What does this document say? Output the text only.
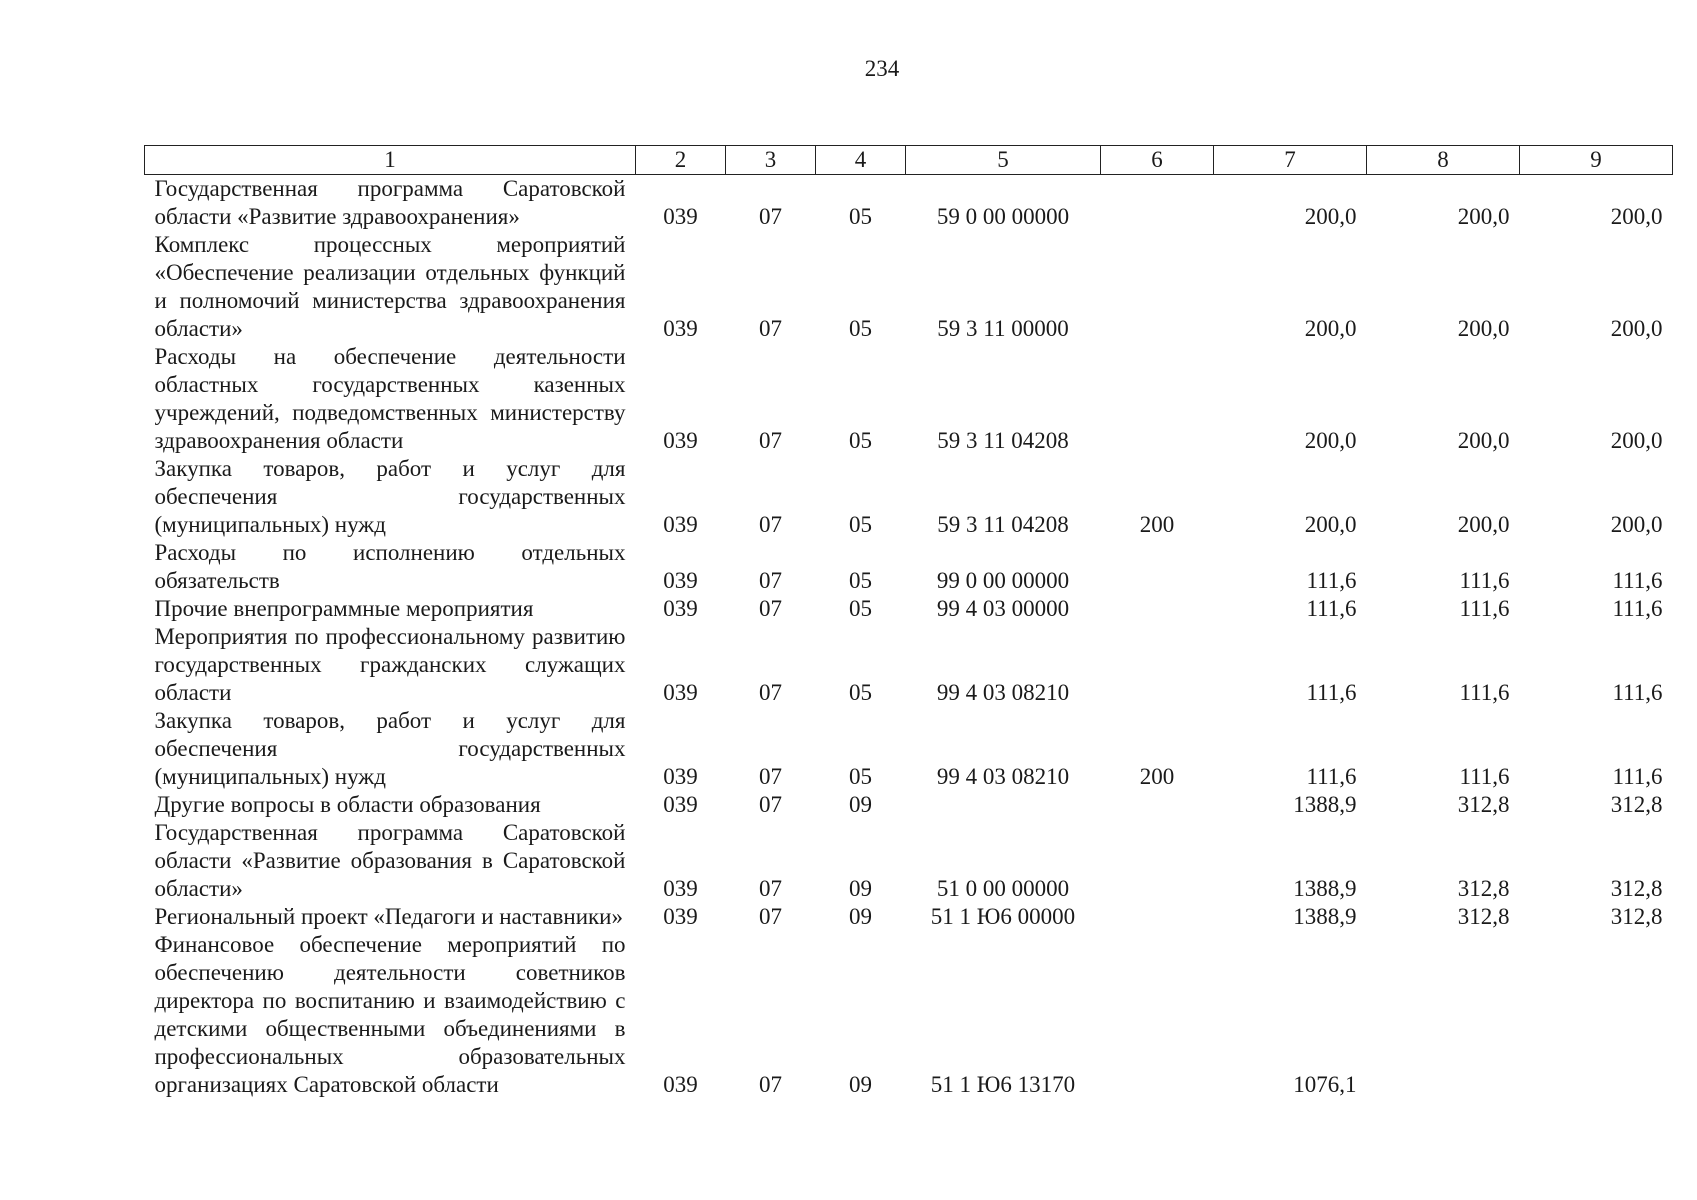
234
1	2	3	4	5	6	7	8	9
Государственная программа Саратовской области «Развитие здравоохранения»	039	07	05	59 0 00 00000		200,0	200,0	200,0
Комплекс процессных мероприятий «Обеспечение реализации отдельных функций и полномочий министерства здравоохранения области»	039	07	05	59 3 11 00000		200,0	200,0	200,0
Расходы на обеспечение деятельности областных государственных казенных учреждений, подведомственных министерству здравоохранения области	039	07	05	59 3 11 04208		200,0	200,0	200,0
Закупка товаров, работ и услуг для обеспечения государственных (муниципальных) нужд	039	07	05	59 3 11 04208	200	200,0	200,0	200,0
Расходы по исполнению отдельных обязательств	039	07	05	99 0 00 00000		111,6	111,6	111,6
Прочие внепрограммные мероприятия	039	07	05	99 4 03 00000		111,6	111,6	111,6
Мероприятия по профессиональному развитию государственных гражданских служащих области	039	07	05	99 4 03 08210		111,6	111,6	111,6
Закупка товаров, работ и услуг для обеспечения государственных (муниципальных) нужд	039	07	05	99 4 03 08210	200	111,6	111,6	111,6
Другие вопросы в области образования	039	07	09			1388,9	312,8	312,8
Государственная программа Саратовской области «Развитие образования в Саратовской области»	039	07	09	51 0 00 00000		1388,9	312,8	312,8
Региональный проект «Педагоги и наставники»	039	07	09	51 1 Ю6 00000		1388,9	312,8	312,8
Финансовое обеспечение мероприятий по обеспечению деятельности советников директора по воспитанию и взаимодействию с детскими общественными объединениями в профессиональных образовательных организациях Саратовской области	039	07	09	51 1 Ю6 13170		1076,1		
